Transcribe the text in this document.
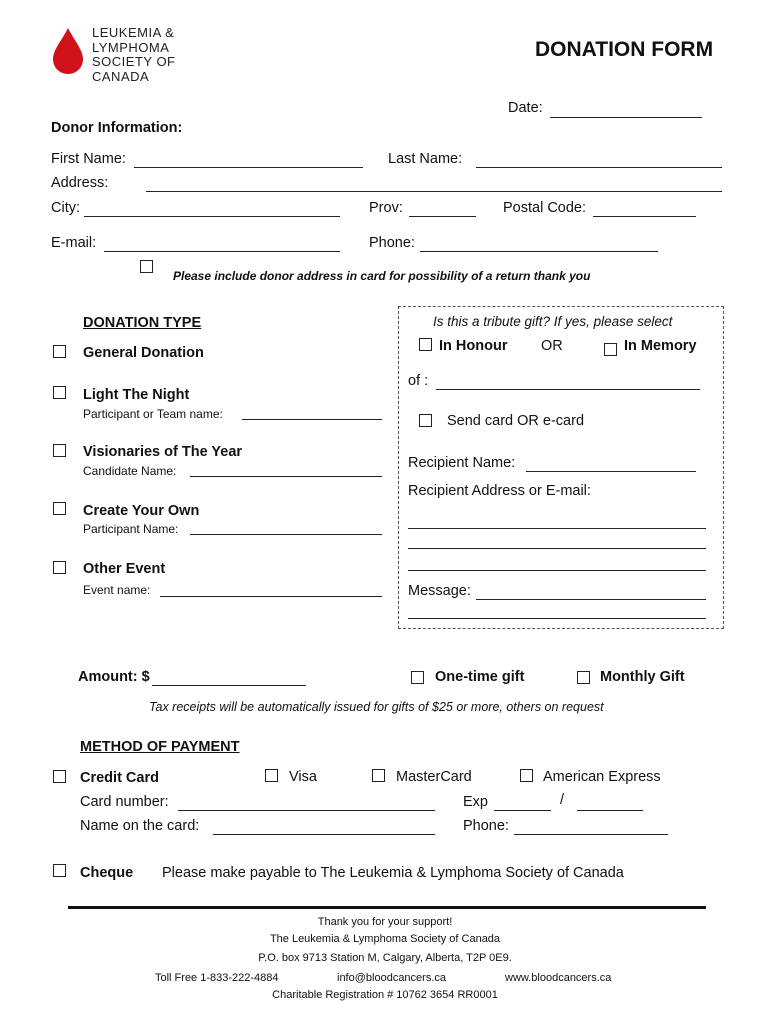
LEUKEMIA &
LYMPHOMA
SOCIETY OF
CANADA
DONATION FORM
Date:
Donor Information:
First Name:	Last Name:
Address:
City:	Prov:	Postal Code:
E-mail:	Phone:
Please include donor address in card for possibility of a return thank you
DONATION TYPE
General Donation
Light The Night
Participant or Team name:
Visionaries of The Year
Candidate Name:
Create Your Own
Participant Name:
Other Event
Event name:
Is this a tribute gift? If yes, please select
In Honour OR	In Memory
of :
Send card OR e-card
Recipient Name:
Recipient Address or E-mail:
Message:
Amount: $	One-time gift	Monthly Gift
Tax receipts will be automatically issued for gifts of $25 or more, others on request
METHOD OF PAYMENT
Credit Card	Visa	MasterCard	American Express
Card number:	Exp	/
Name on the card:	Phone:
Cheque Please make payable to The Leukemia & Lymphoma Society of Canada
Thank you for your support!
The Leukemia & Lymphoma Society of Canada
P.O. box 9713 Station M, Calgary, Alberta, T2P 0E9.
Toll Free 1-833-222-4884	info@bloodcancers.ca	www.bloodcancers.ca
Charitable Registration # 10762 3654 RR0001
